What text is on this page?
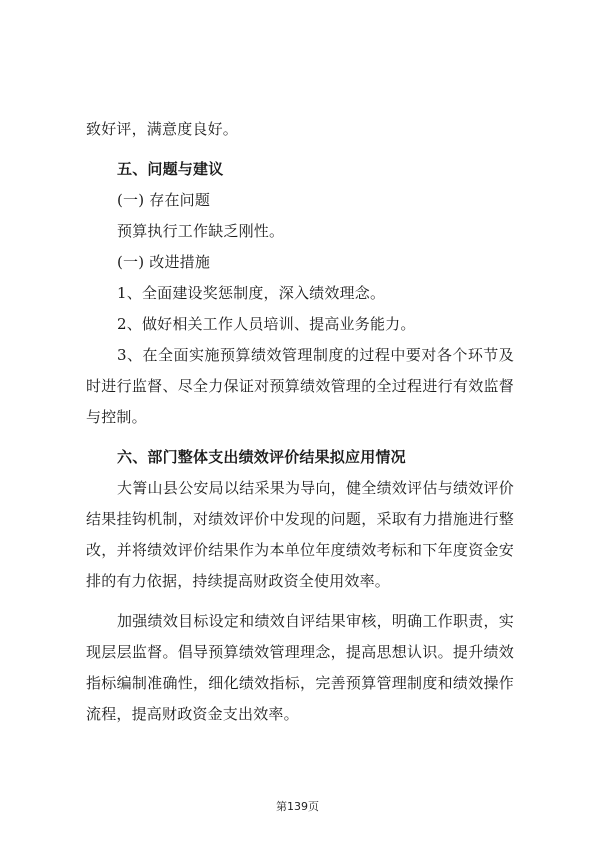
致好评，满意度良好。

五、问题与建议

(一) 存在问题

预算执行工作缺乏刚性。

(一) 改进措施

1、全面建设奖惩制度，深入绩效理念。

2、做好相关工作人员培训、提高业务能力。

3、在全面实施预算绩效管理制度的过程中要对各个环节及时进行监督、尽全力保证对预算绩效管理的全过程进行有效监督与控制。

六、部门整体支出绩效评价结果拟应用情况

大箐山县公安局以结采果为导向，健全绩效评估与绩效评价结果挂钩机制，对绩效评价中发现的问题，采取有力措施进行整改，并将绩效评价结果作为本单位年度绩效考标和下年度资金安排的有力依据，持续提高财政资全使用效率。

加强绩效目标设定和绩效自评结果审核，明确工作职责，实现层层监督。倡导预算绩效管理理念，提高思想认识。提升绩效指标编制准确性，细化绩效指标，完善预算管理制度和绩效操作流程，提高财政资金支出效率。

第139页
